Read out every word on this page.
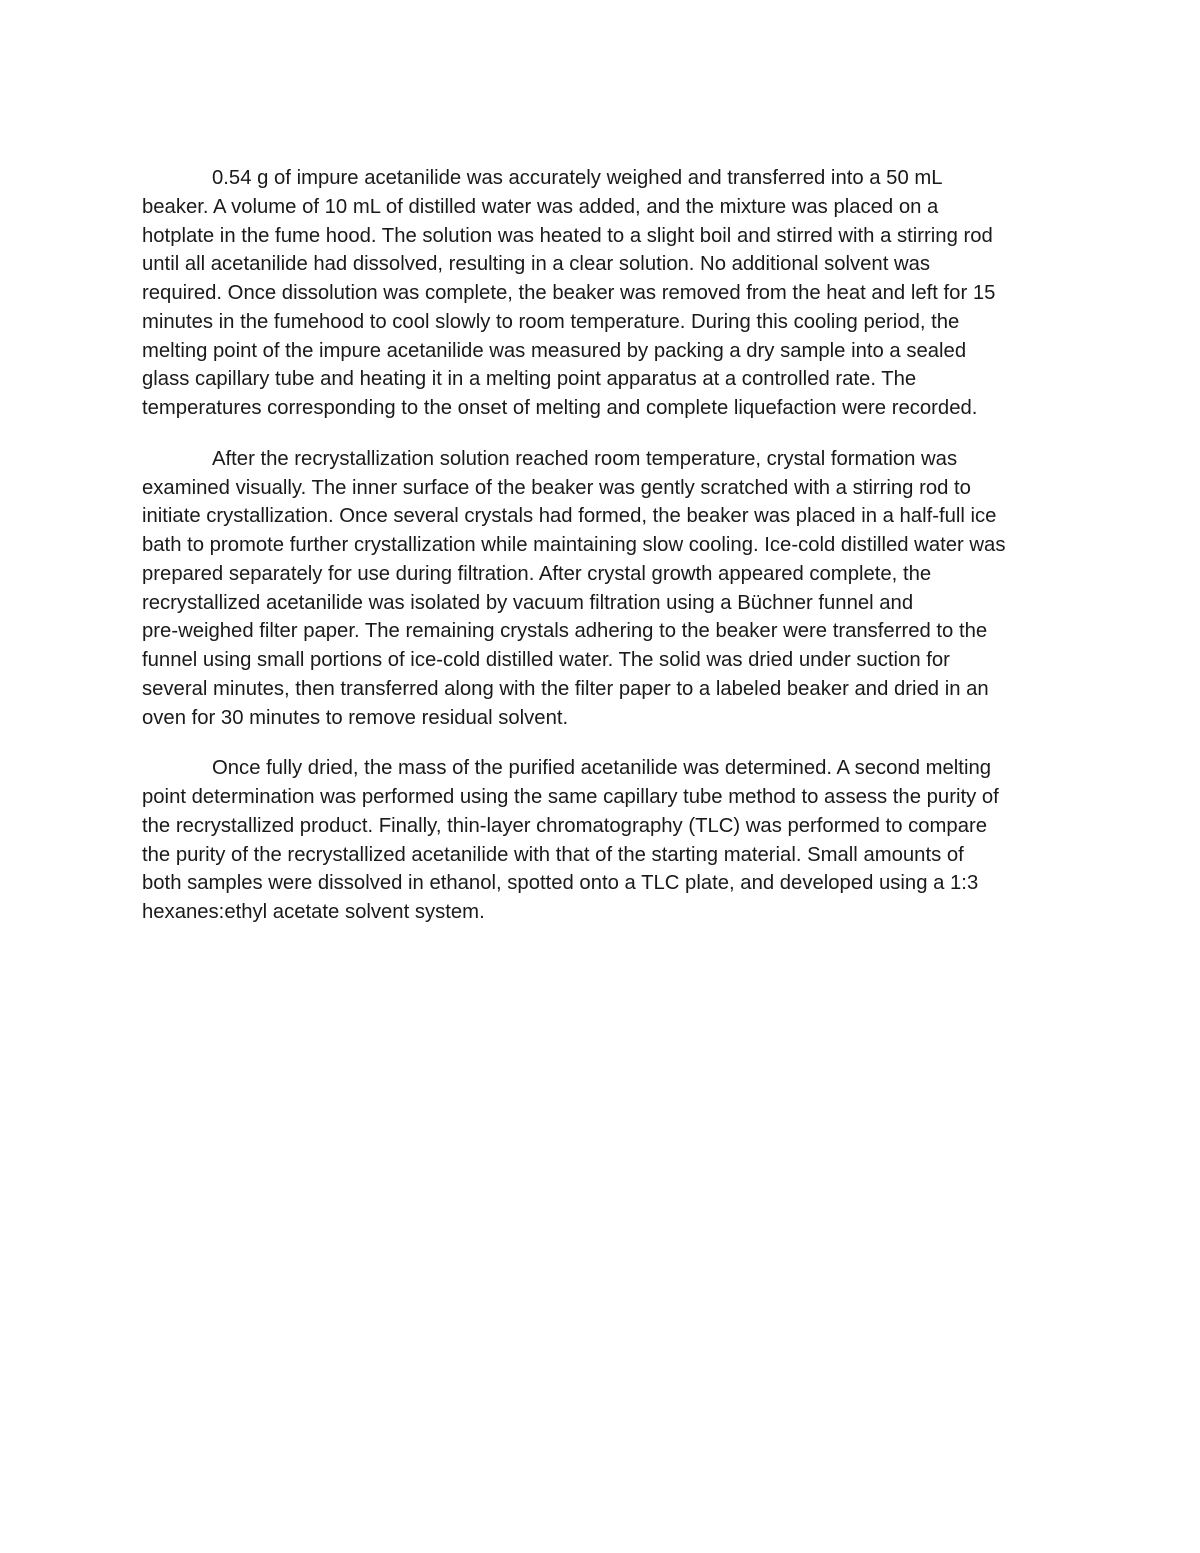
0.54 g of impure acetanilide was accurately weighed and transferred into a 50 mL
beaker. A volume of 10 mL of distilled water was added, and the mixture was placed on a
hotplate in the fume hood. The solution was heated to a slight boil and stirred with a stirring rod
until all acetanilide had dissolved, resulting in a clear solution. No additional solvent was
required. Once dissolution was complete, the beaker was removed from the heat and left for 15
minutes in the fumehood to cool slowly to room temperature. During this cooling period, the
melting point of the impure acetanilide was measured by packing a dry sample into a sealed
glass capillary tube and heating it in a melting point apparatus at a controlled rate. The
temperatures corresponding to the onset of melting and complete liquefaction were recorded.
After the recrystallization solution reached room temperature, crystal formation was
examined visually. The inner surface of the beaker was gently scratched with a stirring rod to
initiate crystallization. Once several crystals had formed, the beaker was placed in a half-full ice
bath to promote further crystallization while maintaining slow cooling. Ice-cold distilled water was
prepared separately for use during filtration. After crystal growth appeared complete, the
recrystallized acetanilide was isolated by vacuum filtration using a Büchner funnel and
pre-weighed filter paper. The remaining crystals adhering to the beaker were transferred to the
funnel using small portions of ice-cold distilled water. The solid was dried under suction for
several minutes, then transferred along with the filter paper to a labeled beaker and dried in an
oven for 30 minutes to remove residual solvent.
Once fully dried, the mass of the purified acetanilide was determined. A second melting
point determination was performed using the same capillary tube method to assess the purity of
the recrystallized product. Finally, thin-layer chromatography (TLC) was performed to compare
the purity of the recrystallized acetanilide with that of the starting material. Small amounts of
both samples were dissolved in ethanol, spotted onto a TLC plate, and developed using a 1:3
hexanes:ethyl acetate solvent system.
